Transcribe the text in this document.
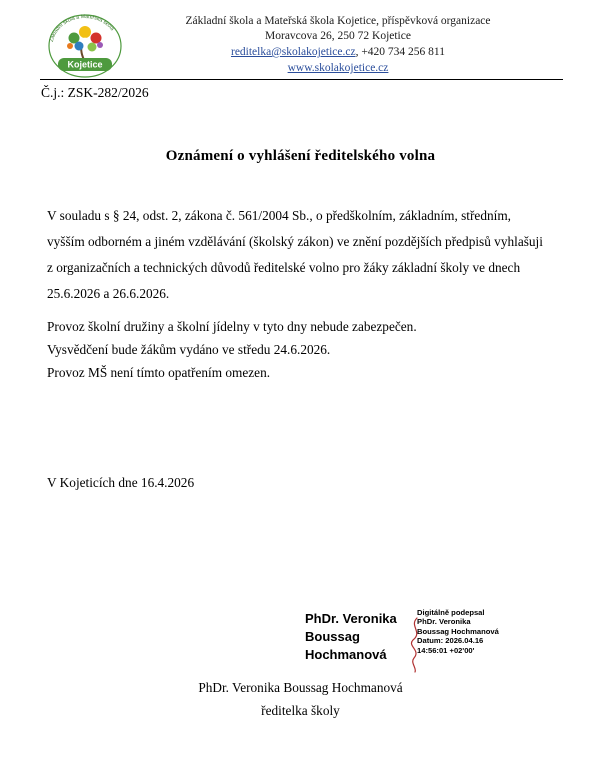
Základní škola a Mateřská škola
Kojetice
Základní škola a Mateřská škola Kojetice, příspěvková organizace
Moravcova 26, 250 72 Kojetice
reditelka@skolakojetice.cz, +420 734 256 811
www.skolakojetice.cz
Č.j.: ZSK-282/2026
Oznámení o vyhlášení ředitelského volna
V souladu s § 24, odst. 2, zákona č. 561/2004 Sb., o předškolním, základním, středním, vyšším odborném a jiném vzdělávání (školský zákon) ve znění pozdějších předpisů vyhlašuji z organizačních a technických důvodů ředitelské volno pro žáky základní školy ve dnech 25.6.2026 a 26.6.2026.
Provoz školní družiny a školní jídelny v tyto dny nebude zabezpečen.
Vysvědčení bude žákům vydáno ve středu 24.6.2026.
Provoz MŠ není tímto opatřením omezen.
V Kojeticích dne 16.4.2026
PhDr. Veronika
Boussag
Hochmanová
Digitálně podepsal
PhDr. Veronika
Boussag Hochmanová
Datum: 2026.04.16
14:56:01 +02'00'
PhDr. Veronika Boussag Hochmanová
ředitelka školy
